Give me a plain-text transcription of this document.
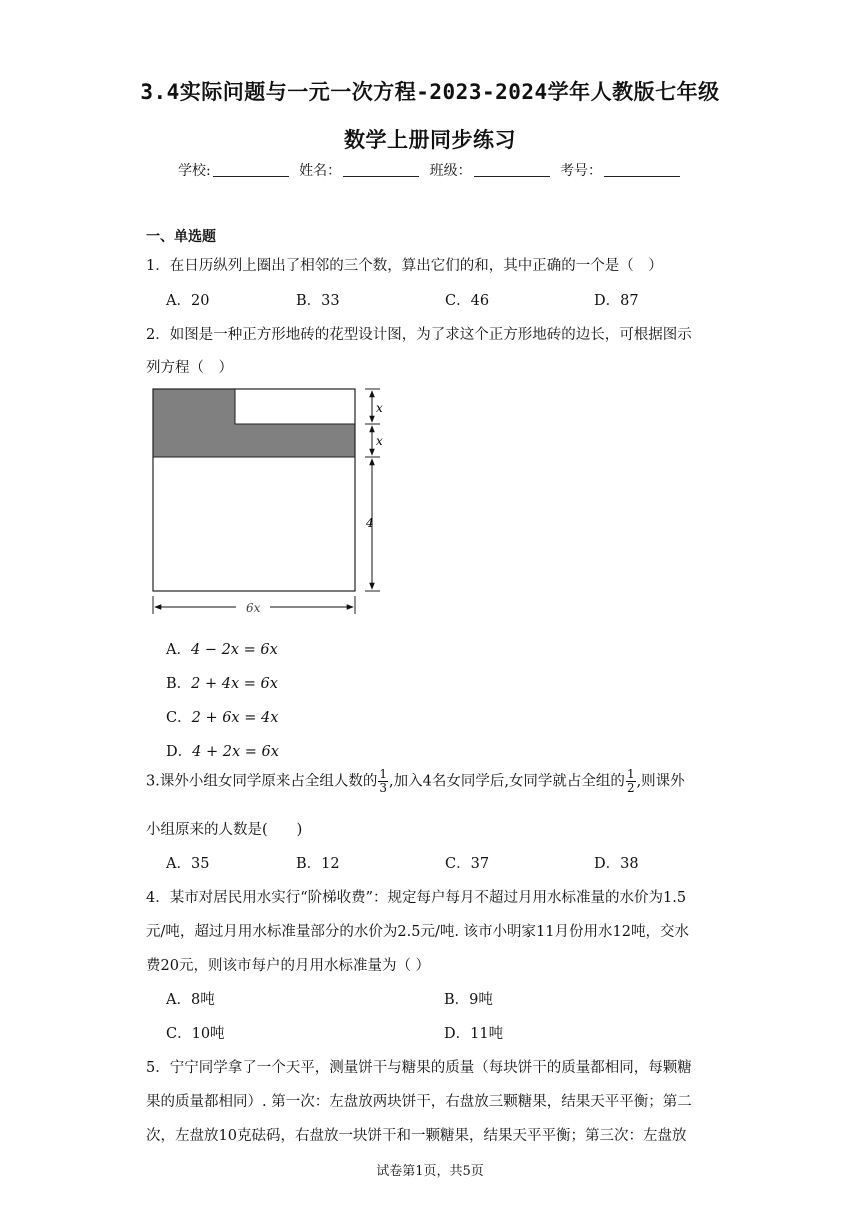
3.4实际问题与一元一次方程-2023-2024学年人教版七年级
数学上册同步练习
学校:	姓名：	班级：	考号：
一、单选题
1．在日历纵列上圈出了相邻的三个数，算出它们的和，其中正确的一个是（　）
A．20	B．33	C．46	D．87
2．如图是一种正方形地砖的花型设计图，为了求这个正方形地砖的边长，可根据图示
列方程（　）
x
x
4
6x
A．4 − 2x = 6x
B．2 + 4x = 6x
C．2 + 6x = 4x
D．4 + 2x = 6x
3.课外小组女同学原来占全组人数的 $\frac{1}{3}$ ,加入4名女同学后,女同学就占全组的 $\frac{1}{2}$ ,则课外
小组原来的人数是(　　)
A．35	B．12	C．37	D．38
4．某市对居民用水实行“阶梯收费”：规定每户每月不超过月用水标准量的水价为1.5
元/吨，超过月用水标准量部分的水价为2.5元/吨. 该市小明家11月份用水12吨，交水
费20元，则该市每户的月用水标准量为（ ）
A．8吨	B．9吨
C．10吨	D．11吨
5．宁宁同学拿了一个天平，测量饼干与糖果的质量（每块饼干的质量都相同，每颗糖
果的质量都相同）. 第一次：左盘放两块饼干，右盘放三颗糖果，结果天平平衡；第二
次，左盘放10克砝码，右盘放一块饼干和一颗糖果，结果天平平衡；第三次：左盘放
试卷第1页，共5页
